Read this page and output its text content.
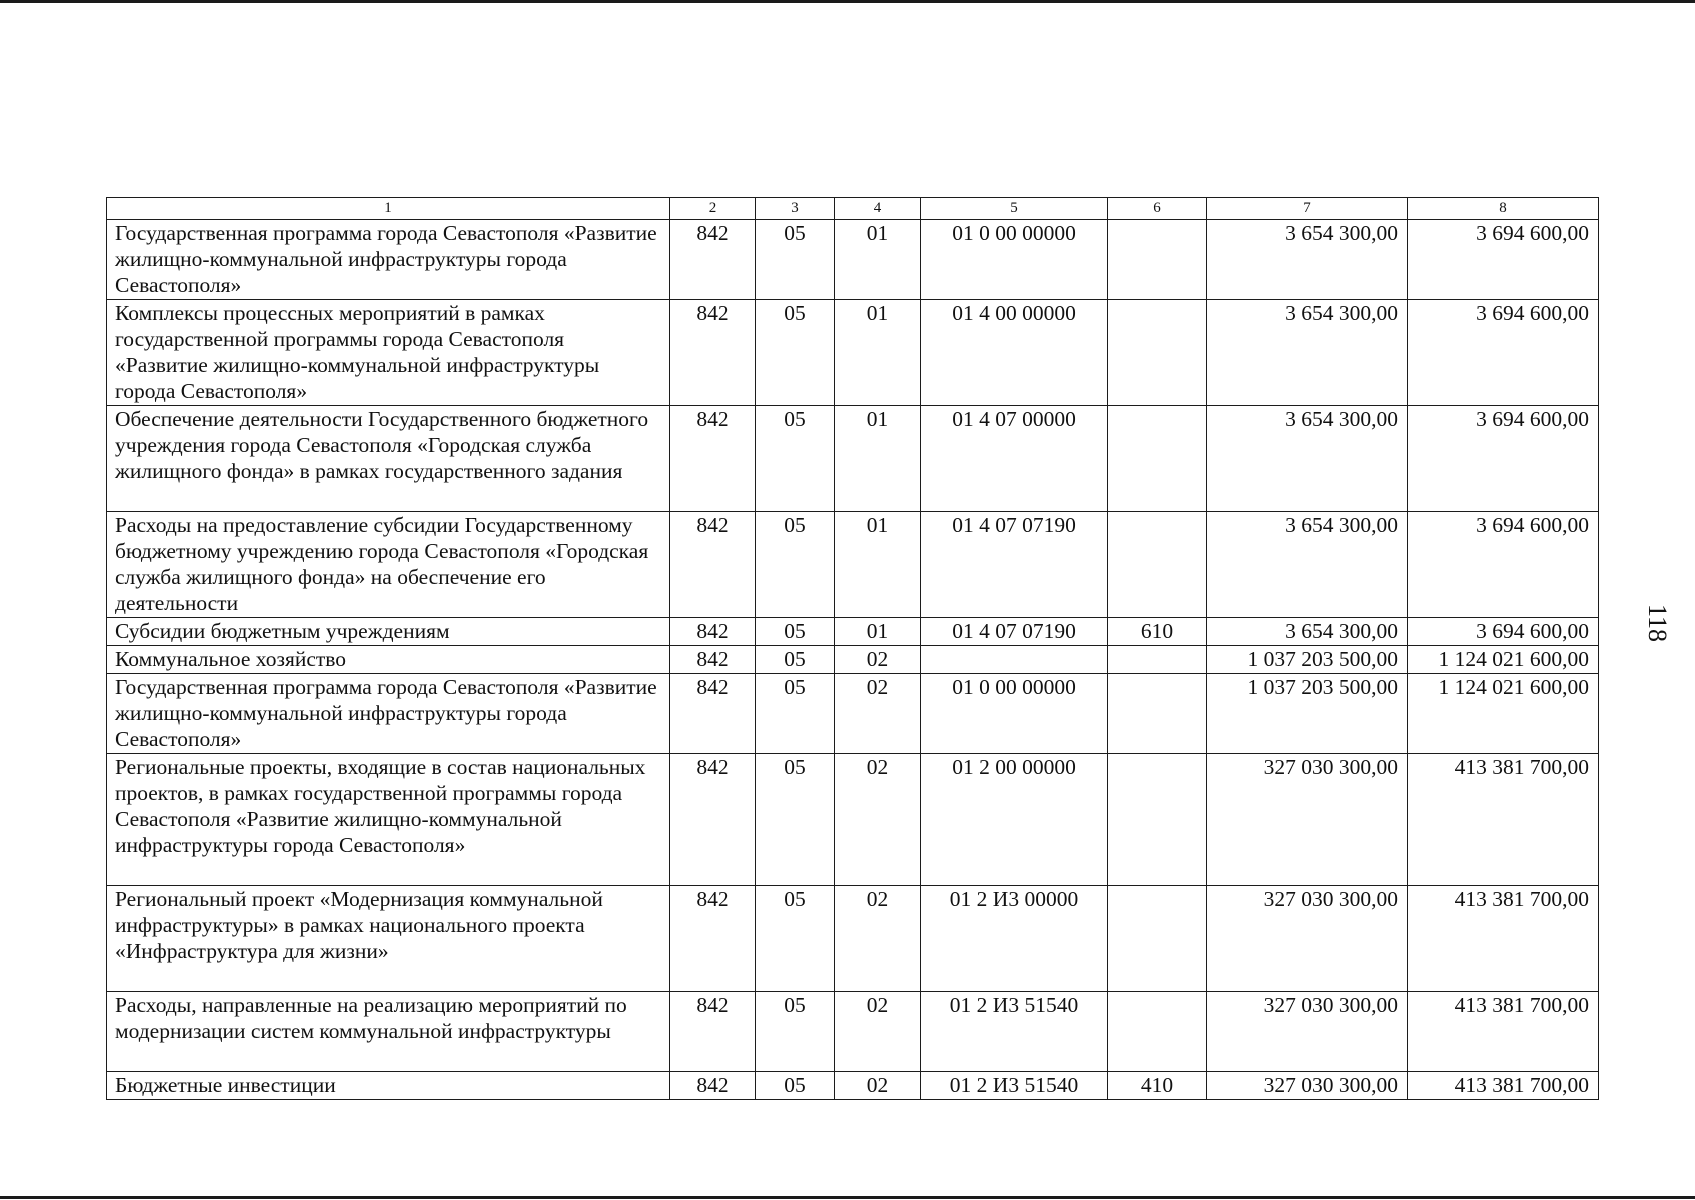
1	2	3	4	5	6	7	8
Государственная программа города Севастополя «Развитие жилищно-коммунальной инфраструктуры города Севастополя»	842	05	01	01 0 00 00000		3 654 300,00	3 694 600,00
Комплексы процессных мероприятий в рамках государственной программы города Севастополя «Развитие жилищно-коммунальной инфраструктуры города Севастополя»	842	05	01	01 4 00 00000		3 654 300,00	3 694 600,00
Обеспечение деятельности Государственного бюджетного учреждения города Севастополя «Городская служба жилищного фонда» в рамках государственного задания	842	05	01	01 4 07 00000		3 654 300,00	3 694 600,00
Расходы на предоставление субсидии Государственному бюджетному учреждению города Севастополя «Городская служба жилищного фонда» на обеспечение его деятельности	842	05	01	01 4 07 07190		3 654 300,00	3 694 600,00
Субсидии бюджетным учреждениям	842	05	01	01 4 07 07190	610	3 654 300,00	3 694 600,00
Коммунальное хозяйство	842	05	02			1 037 203 500,00	1 124 021 600,00
Государственная программа города Севастополя «Развитие жилищно-коммунальной инфраструктуры города Севастополя»	842	05	02	01 0 00 00000		1 037 203 500,00	1 124 021 600,00
Региональные проекты, входящие в состав национальных проектов, в рамках государственной программы города Севастополя «Развитие жилищно-коммунальной инфраструктуры города Севастополя»	842	05	02	01 2 00 00000		327 030 300,00	413 381 700,00
Региональный проект «Модернизация коммунальной инфраструктуры» в рамках национального проекта «Инфраструктура для жизни»	842	05	02	01 2 И3 00000		327 030 300,00	413 381 700,00
Расходы, направленные на реализацию мероприятий по модернизации систем коммунальной инфраструктуры	842	05	02	01 2 И3 51540		327 030 300,00	413 381 700,00
Бюджетные инвестиции	842	05	02	01 2 И3 51540	410	327 030 300,00	413 381 700,00
118
